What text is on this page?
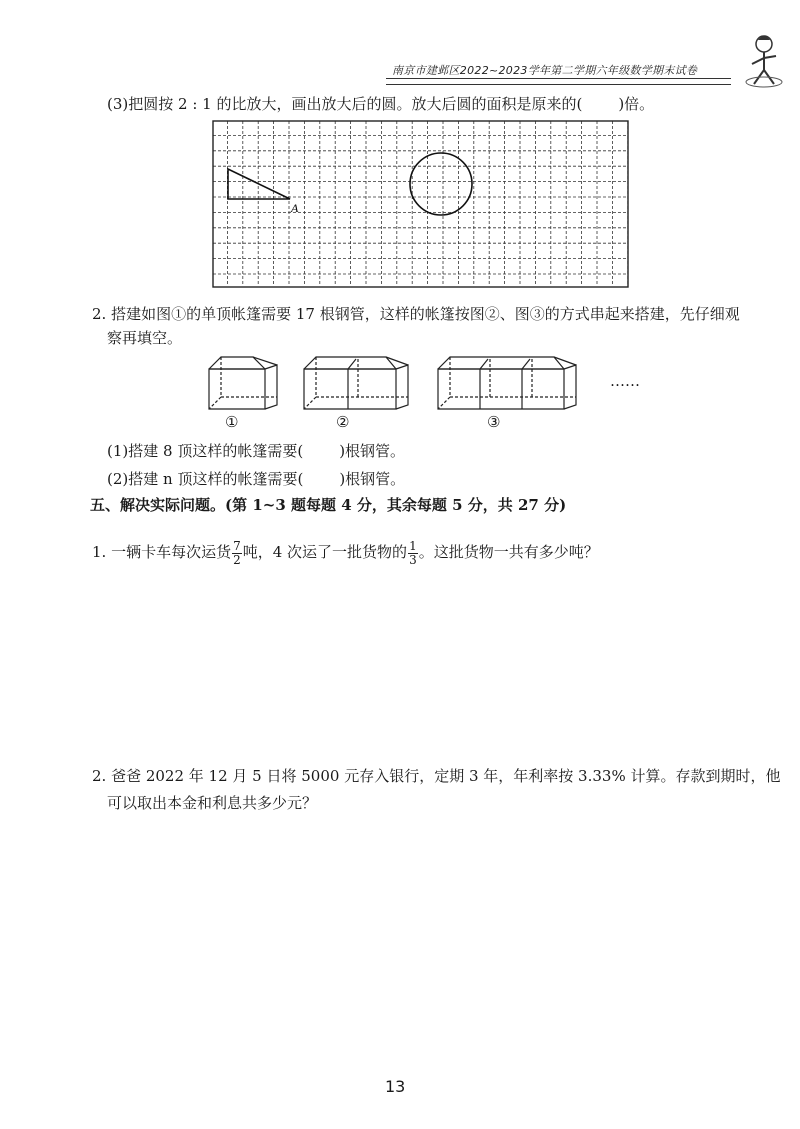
南京市建邺区2022~2023学年第二学期六年级数学期末试卷
(3)把圆按 2 : 1 的比放大，画出放大后的圆。放大后圆的面积是原来的( )倍。
A
2. 搭建如图①的单顶帐篷需要 17 根钢管，这样的帐篷按图②、图③的方式串起来搭建，先仔细观
察再填空。
①	②	③
……
(1)搭建 8 顶这样的帐篷需要( )根钢管。
(2)搭建 n 顶这样的帐篷需要( )根钢管。
五、解决实际问题。(第 1~3 题每题 4 分，其余每题 5 分，共 27 分)
1. 一辆卡车每次运货 $\frac{7}{2}$ 吨，4 次运了一批货物的 $\frac{1}{3}$ 。这批货物一共有多少吨？
2. 爸爸 2022 年 12 月 5 日将 5000 元存入银行，定期 3 年，年利率按 3.33% 计算。存款到期时，他
可以取出本金和利息共多少元？
13
